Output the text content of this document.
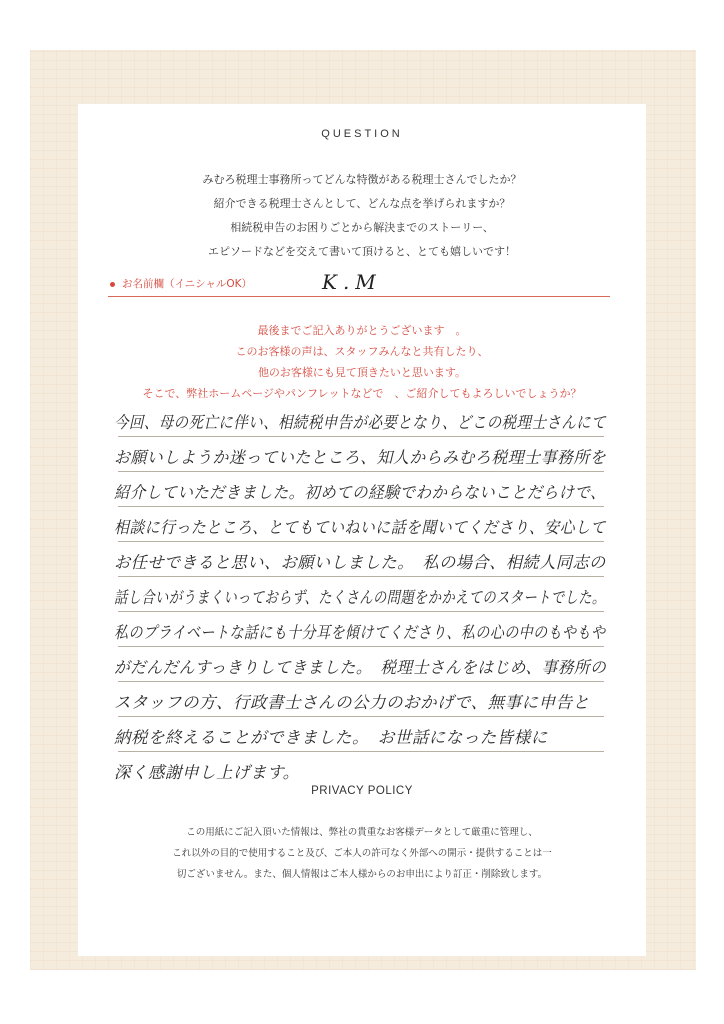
QUESTION
みむろ税理士事務所ってどんな特徴がある税理士さんでしたか？
紹介できる税理士さんとして、どんな点を挙げられますか？
相続税申告のお困りごとから解決までのストーリー、
エピソードなどを交えて書いて頂けると、とても嬉しいです！
お名前欄（イニシャルOK）	K.M
最後までご記入ありがとうございます　。
このお客様の声は、スタッフみんなと共有したり、
他のお客様にも見て頂きたいと思います。
そこで、弊社ホームページやパンフレットなどで　、ご紹介してもよろしいでしょうか？
今回、母の死亡に伴い、相続税申告が必要となり、どこの税理士さんにて
お願いしようか迷っていたところ、知人からみむろ税理士事務所を
紹介していただきました。初めての経験でわからないことだらけで、
相談に行ったところ、とてもていねいに話を聞いてくださり、安心して
お任せできると思い、お願いしました。　私の場合、相続人同志の
話し合いがうまくいっておらず、たくさんの問題をかかえてのスタートでした。
私のプライベートな話にも十分耳を傾けてくださり、私の心の中のもやもや
がだんだんすっきりしてきました。　税理士さんをはじめ、事務所の
スタッフの方、行政書士さんの公力のおかげで、無事に申告と
納税を終えることができました。　お世話になった皆様に
深く感謝申し上げます。
PRIVACY POLICY
この用紙にご記入頂いた情報は、弊社の貴重なお客様データとして厳重に管理し、
これ以外の目的で使用すること及び、ご本人の許可なく外部への開示・提供することは一
切ございません。また、個人情報はご本人様からのお申出により訂正・削除致します。
